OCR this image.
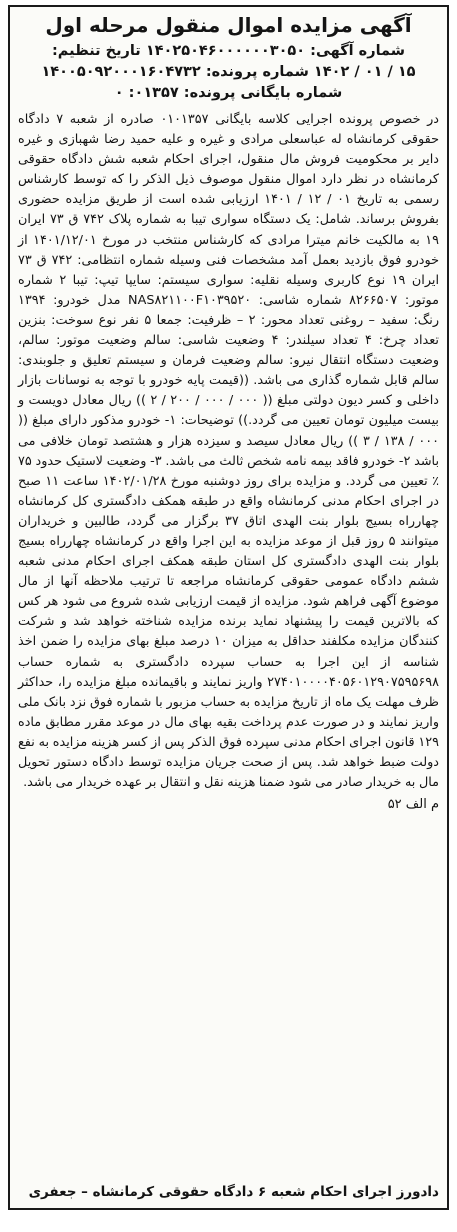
آگهی مزایده اموال منقول مرحله اول
شماره آگهی: ۱۴۰۲۵۰۴۶۰۰۰۰۰۰۳۰۵۰ تاریخ تنظیم:
۱۵ / ۰۱ / ۱۴۰۲ شماره پرونده: ۱۴۰۰۵۰۹۲۰۰۰۱۶۰۴۷۳۲
شماره بایگانی پرونده: ۰۱۳۵۷: ۰
در خصوص پرونده اجرایی کلاسه بایگانی ۰۱۰۱۳۵۷ صادره از شعبه ۷ دادگاه حقوقی کرمانشاه له عباسعلی مرادی و غیره و علیه حمید رضا شهبازی و غیره دایر بر محکومیت فروش مال منقول، اجرای احکام شعبه شش دادگاه حقوقی کرمانشاه در نظر دارد اموال منقول موصوف ذیل الذکر را که توسط کارشناس رسمی به تاریخ ۰۱ / ۱۲ / ۱۴۰۱ ارزیابی شده است از طریق مزایده حضوری بفروش برساند. شامل: یک دستگاه سواری تیبا به شماره پلاک ۷۴۲ ق ۷۳ ایران ۱۹ به مالکیت خانم میترا مرادی که کارشناس منتخب در مورخ ۱۴۰۱/۱۲/۰۱ از خودرو فوق بازدید بعمل آمد مشخصات فنی وسیله شماره انتظامی: ۷۴۲ ق ۷۳ ایران ۱۹ نوع کاربری وسیله نقلیه: سواری سیستم: سایپا تیپ: تیبا ۲ شماره موتور: ۸۲۶۶۵۰۷ شماره شاسی: NAS۸۲۱۱۰۰F۱۰۳۹۵۲۰ مدل خودرو: ۱۳۹۴ رنگ: سفید – روغنی تعداد محور: ۲ – ظرفیت: جمعا ۵ نفر نوع سوخت: بنزین تعداد چرخ: ۴ تعداد سیلندر: ۴ وضعیت شاسی: سالم وضعیت موتور: سالم، وضعیت دستگاه انتقال نیرو: سالم وضعیت فرمان و سیستم تعلیق و جلوبندی: سالم قابل شماره گذاری می باشد. ((قیمت پایه خودرو با توجه به نوسانات بازار داخلی و کسر دیون دولتی مبلغ (( ۰۰۰ / ۰۰۰ / ۲۰۰ / ۲ )) ریال معادل دویست و بیست میلیون تومان تعیین می گردد.)) توضیحات: ۱- خودرو مذکور دارای مبلغ (( ۰۰۰ / ۱۳۸ / ۳ )) ریال معادل سیصد و سیزده هزار و هشتصد تومان خلافی می باشد ۲- خودرو فاقد بیمه نامه شخص ثالث می باشد. ۳- وضعیت لاستیک حدود ۷۵ ٪ تعیین می گردد. و مزایده برای روز دوشنبه مورخ ۱۴۰۲/۰۱/۲۸ ساعت ۱۱ صبح در اجرای احکام مدنی کرمانشاه واقع در طبقه همکف دادگستری کل کرمانشاه چهارراه بسیج بلوار بنت الهدی اتاق ۳۷ برگزار می گردد، طالبین و خریداران میتوانند ۵ روز قبل از موعد مزایده به این اجرا واقع در کرمانشاه چهارراه بسیج بلوار بنت الهدی دادگستری کل استان طبقه همکف اجرای احکام مدنی شعبه ششم دادگاه عمومی حقوقی کرمانشاه مراجعه تا ترتیب ملاحظه آنها از مال موضوع آگهی فراهم شود. مزایده از قیمت ارزیابی شده شروع می شود هر کس که بالاترین قیمت را پیشنهاد نماید برنده مزایده شناخته خواهد شد و شرکت کنندگان مزایده مکلفند حداقل به میزان ۱۰ درصد مبلغ بهای مزایده را ضمن اخذ شناسه از این اجرا به حساب سپرده دادگستری به شماره حساب ۲۷۴۰۱۰۰۰۰۴۰۵۶۰۱۲۹۰۷۵۹۵۶۹۸ واریز نمایند و باقیمانده مبلغ مزایده را، حداکثر ظرف مهلت یک ماه از تاریخ مزایده به حساب مزبور با شماره فوق نزد بانک ملی واریز نمایند و در صورت عدم پرداخت بقیه بهای مال در موعد مقرر مطابق ماده ۱۲۹ قانون اجرای احکام مدنی سپرده فوق الذکر پس از کسر هزینه مزایده به نفع دولت ضبط خواهد شد. پس از صحت جریان مزایده توسط دادگاه دستور تحویل مال به خریدار صادر می شود ضمنا هزینه نقل و انتقال بر عهده خریدار می باشد.
م الف ۵۲
دادورز اجرای احکام شعبه ۶ دادگاه حقوقی کرمانشاه – جعفری
